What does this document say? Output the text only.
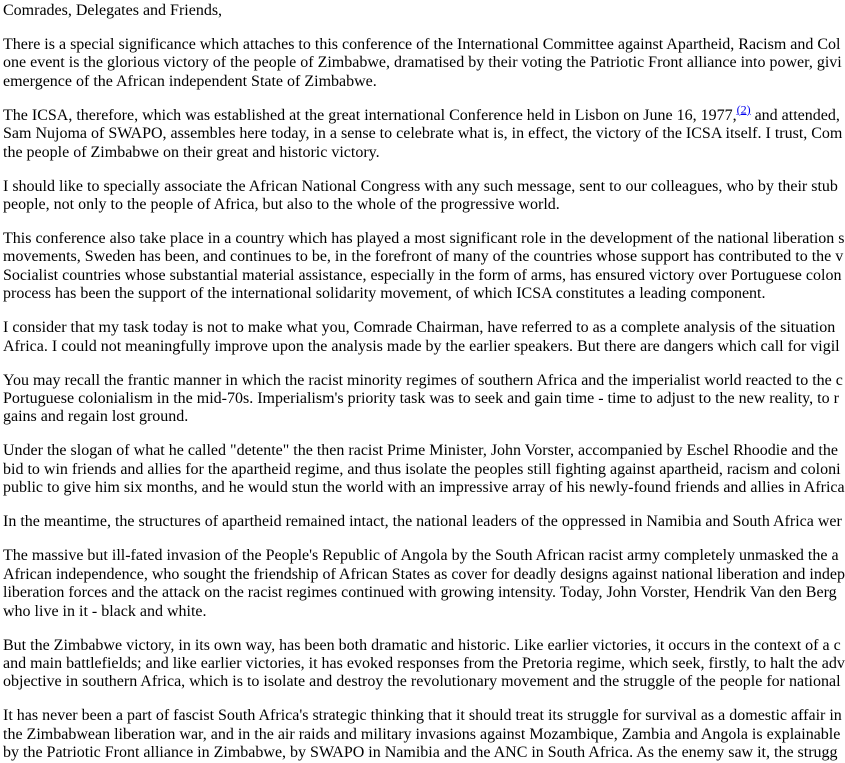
Comrades, Delegates and Friends,

There is a special significance which attaches to this conference of the International Committee against Apartheid, Racism and Col
one event is the glorious victory of the people of Zimbabwe, dramatised by their voting the Patriotic Front alliance into power, givi
emergence of the African independent State of Zimbabwe.

The ICSA, therefore, which was established at the great international Conference held in Lisbon on June 16, 1977,$^{(2)}$ and attended,
Sam Nujoma of SWAPO, assembles here today, in a sense to celebrate what is, in effect, the victory of the ICSA itself. I trust, Com
the people of Zimbabwe on their great and historic victory.

I should like to specially associate the African National Congress with any such message, sent to our colleagues, who by their stub
people, not only to the people of Africa, but also to the whole of the progressive world.

This conference also take place in a country which has played a most significant role in the development of the national liberation s
movements, Sweden has been, and continues to be, in the forefront of many of the countries whose support has contributed to the v
Socialist countries whose substantial material assistance, especially in the form of arms, has ensured victory over Portuguese colon
process has been the support of the international solidarity movement, of which ICSA constitutes a leading component.

I consider that my task today is not to make what you, Comrade Chairman, have referred to as a complete analysis of the situation
Africa. I could not meaningfully improve upon the analysis made by the earlier speakers. But there are dangers which call for vigil

You may recall the frantic manner in which the racist minority regimes of southern Africa and the imperialist world reacted to the c
Portuguese colonialism in the mid-70s. Imperialism's priority task was to seek and gain time - time to adjust to the new reality, to r
gains and regain lost ground.

Under the slogan of what he called "detente" the then racist Prime Minister, John Vorster, accompanied by Eschel Rhoodie and the
bid to win friends and allies for the apartheid regime, and thus isolate the peoples still fighting against apartheid, racism and coloni
public to give him six months, and he would stun the world with an impressive array of his newly-found friends and allies in Africa

In the meantime, the structures of apartheid remained intact, the national leaders of the oppressed in Namibia and South Africa wer

The massive but ill-fated invasion of the People's Republic of Angola by the South African racist army completely unmasked the a
African independence, who sought the friendship of African States as cover for deadly designs against national liberation and indep
liberation forces and the attack on the racist regimes continued with growing intensity. Today, John Vorster, Hendrik Van den Berg
who live in it - black and white.

But the Zimbabwe victory, in its own way, has been both dramatic and historic. Like earlier victories, it occurs in the context of a c
and main battlefields; and like earlier victories, it has evoked responses from the Pretoria regime, which seek, firstly, to halt the adv
objective in southern Africa, which is to isolate and destroy the revolutionary movement and the struggle of the people for national

It has never been a part of fascist South Africa's strategic thinking that it should treat its struggle for survival as a domestic affair in
the Zimbabwean liberation war, and in the air raids and military invasions against Mozambique, Zambia and Angola is explainable
by the Patriotic Front alliance in Zimbabwe, by SWAPO in Namibia and the ANC in South Africa. As the enemy saw it, the strugg
